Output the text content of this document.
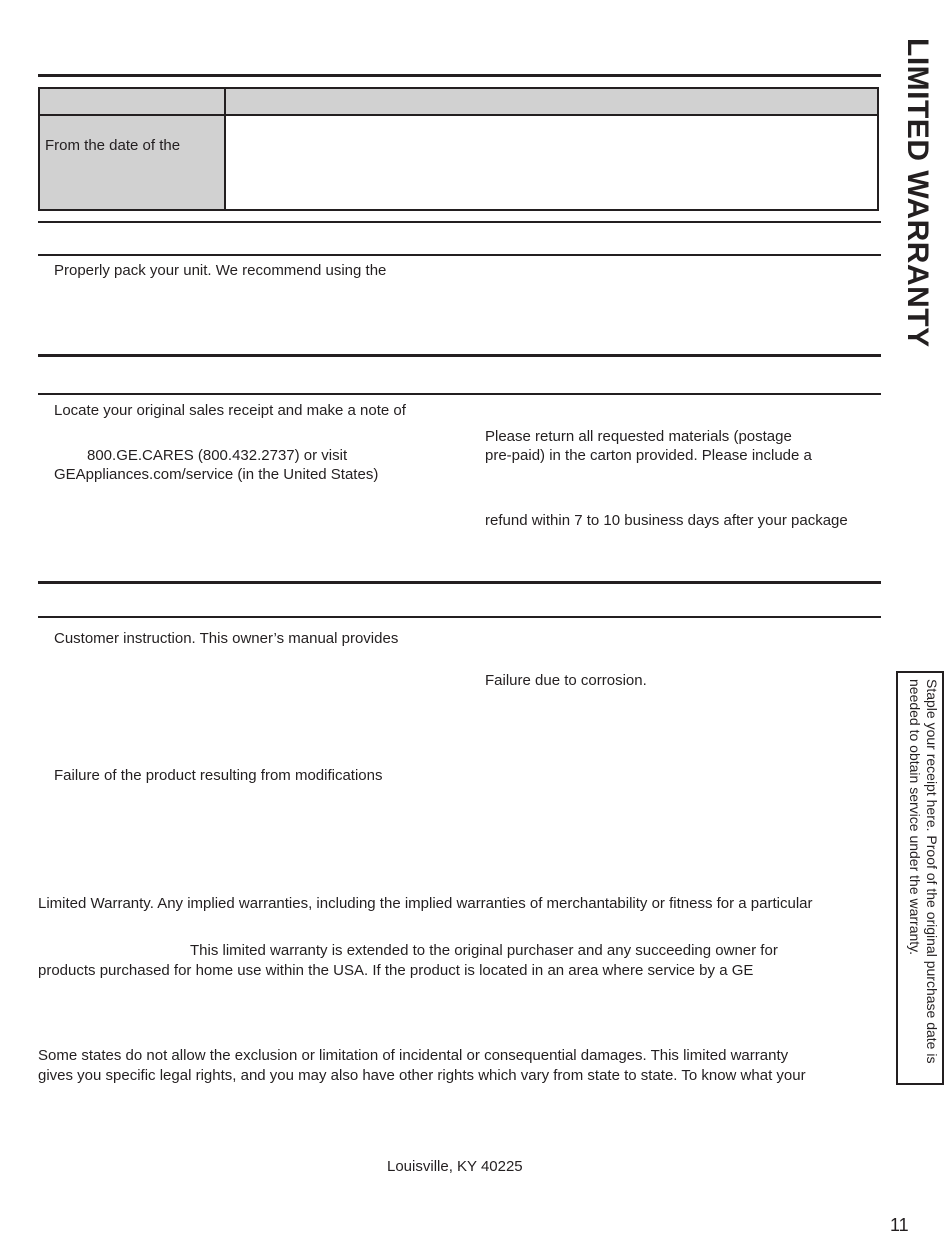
LIMITED WARRANTY
From the date of the
Properly pack your unit. We recommend using the
Locate your original sales receipt and make a note of
800.GE.CARES (800.432.2737) or visit
GEAppliances.com/service (in the United States)
Please return all requested materials (postage
pre-paid) in the carton provided. Please include a
refund within 7 to 10 business days after your package
Customer instruction. This owner’s manual provides
Failure due to corrosion.
Failure of the product resulting from modifications
Limited Warranty. Any implied warranties, including the implied warranties of merchantability or fitness for a particular
This limited warranty is extended to the original purchaser and any succeeding owner for
products purchased for home use within the USA. If the product is located in an area where service by a GE
Some states do not allow the exclusion or limitation of incidental or consequential damages. This limited warranty
gives you specific legal rights, and you may also have other rights which vary from state to state. To know what your
Louisville, KY 40225
Staple your receipt here. Proof of the original purchase date is needed to obtain service under the warranty.
11
